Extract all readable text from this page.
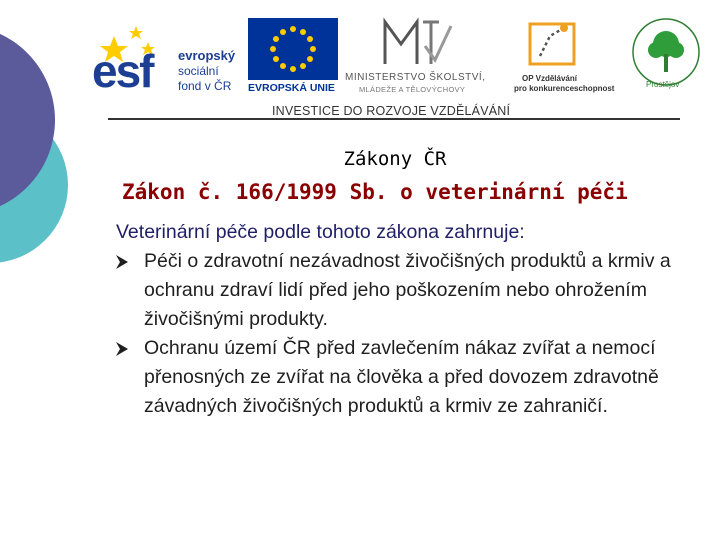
esf evropský
sociální
fond v ČR EVROPSKÁ UNIE
MINISTERSTVO ŠKOLSTVÍ,
MLÁDEŽE A TĚLOVÝCHOVY
OP Vzdělávání
pro konkurenceschopnost	Prostějov
INVESTICE DO ROZVOJE VZDĚLÁVÁNÍ
Zákony ČR
Zákon č. 166/1999 Sb. o veterinární péči

Veterinární péče podle tohoto zákona zahrnuje:

Péči o zdravotní nezávadnost živočišných produktů a krmiv a ochranu zdraví lidí před jeho poškozením nebo ohrožením živočišnými produkty.
Ochranu území ČR před zavlečením nákaz zvířat a nemocí přenosných ze zvířat na člověka a před dovozem zdravotně závadných živočišných produktů a krmiv ze zahraničí.
